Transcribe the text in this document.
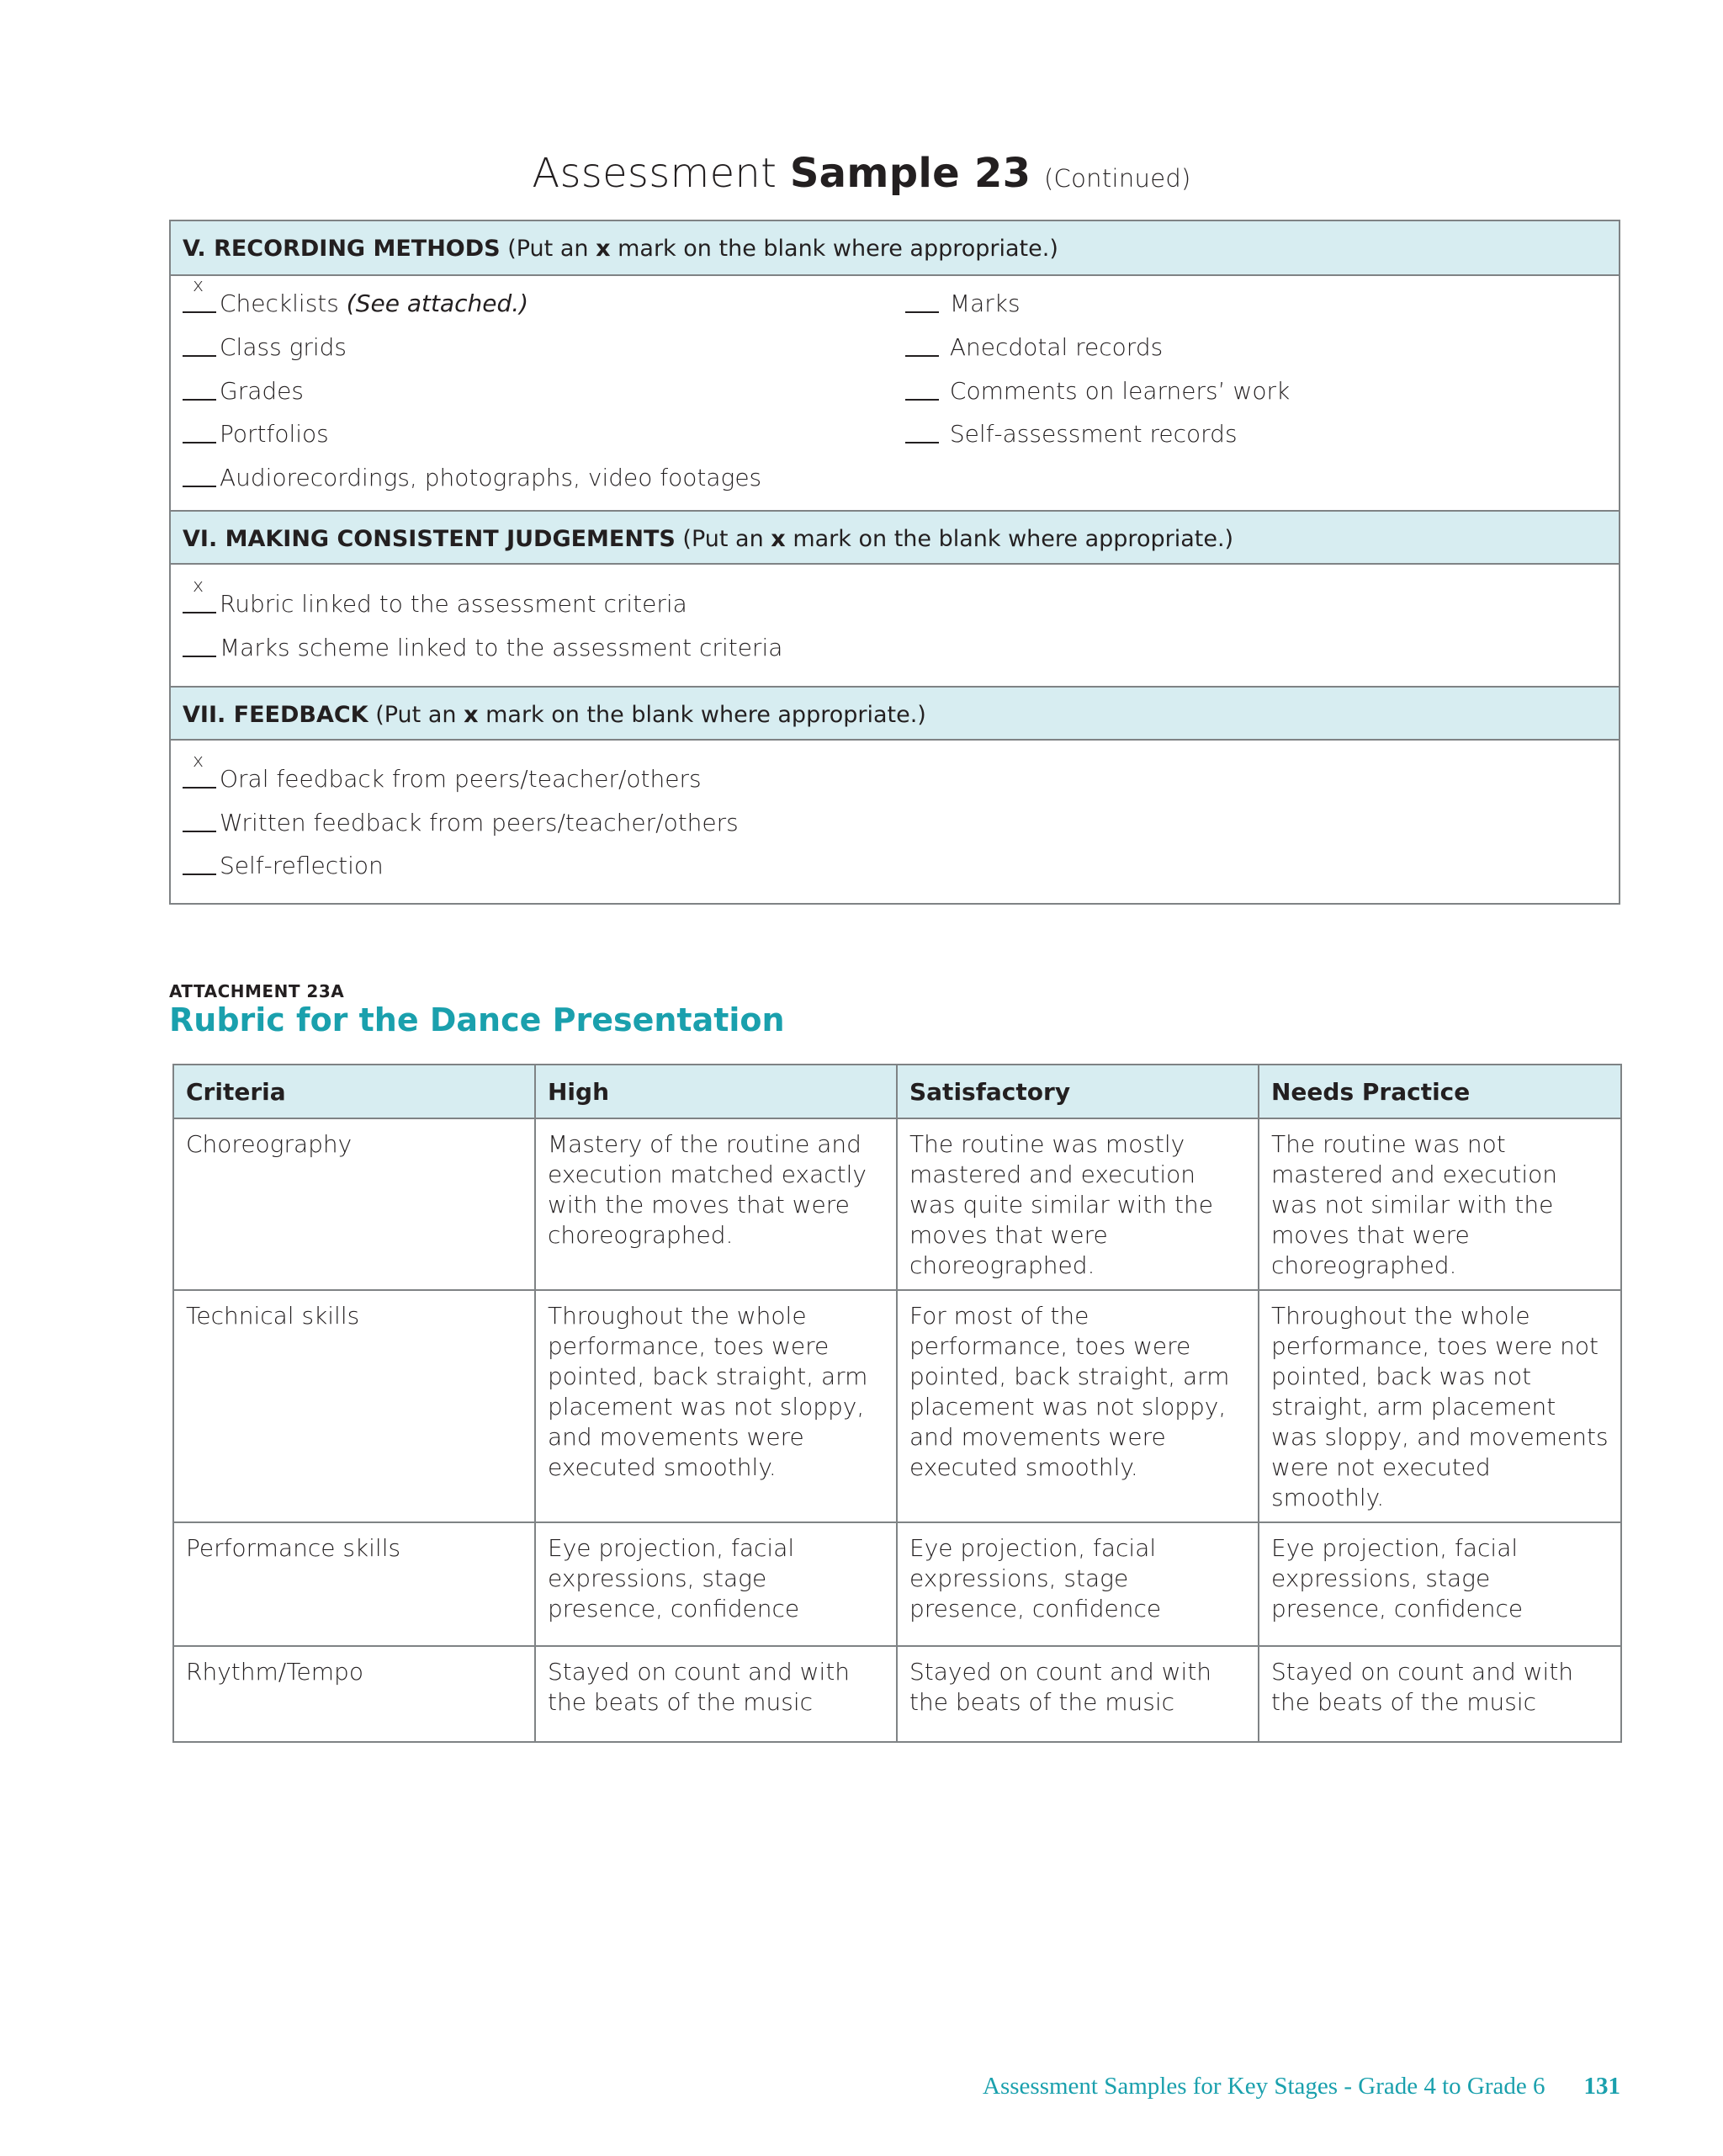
Assessment Sample 23 (Continued)
V. RECORDING METHODS (Put an x mark on the blank where appropriate.)
x
Checklists (See attached.)
Class grids
Grades
Portfolios
Audiorecordings, photographs, video footages
Marks
Anecdotal records
Comments on learners’ work
Self-assessment records
VI. MAKING CONSISTENT JUDGEMENTS (Put an x mark on the blank where appropriate.)
x
Rubric linked to the assessment criteria
Marks scheme linked to the assessment criteria
VII. FEEDBACK (Put an x mark on the blank where appropriate.)
x
Oral feedback from peers/teacher/others
Written feedback from peers/teacher/others
Self-reflection
ATTACHMENT 23A
Rubric for the Dance Presentation
Criteria	High	Satisfactory	Needs Practice
Choreography	Mastery of the routine and execution matched exactly with the moves that were choreographed.	The routine was mostly mastered and execution was quite similar with the moves that were choreographed.	The routine was not mastered and execution was not similar with the moves that were choreographed.
Technical skills	Throughout the whole performance, toes were pointed, back straight, arm placement was not sloppy, and movements were executed smoothly.	For most of the performance, toes were pointed, back straight, arm placement was not sloppy, and movements were executed smoothly.	Throughout the whole performance, toes were not pointed, back was not straight, arm placement was sloppy, and movements were not executed smoothly.
Performance skills	Eye projection, facial expressions, stage presence, confidence	Eye projection, facial expressions, stage presence, confidence	Eye projection, facial expressions, stage presence, confidence
Rhythm/Tempo	Stayed on count and with the beats of the music	Stayed on count and with the beats of the music	Stayed on count and with the beats of the music
Assessment Samples for Key Stages - Grade 4 to Grade 6 131
